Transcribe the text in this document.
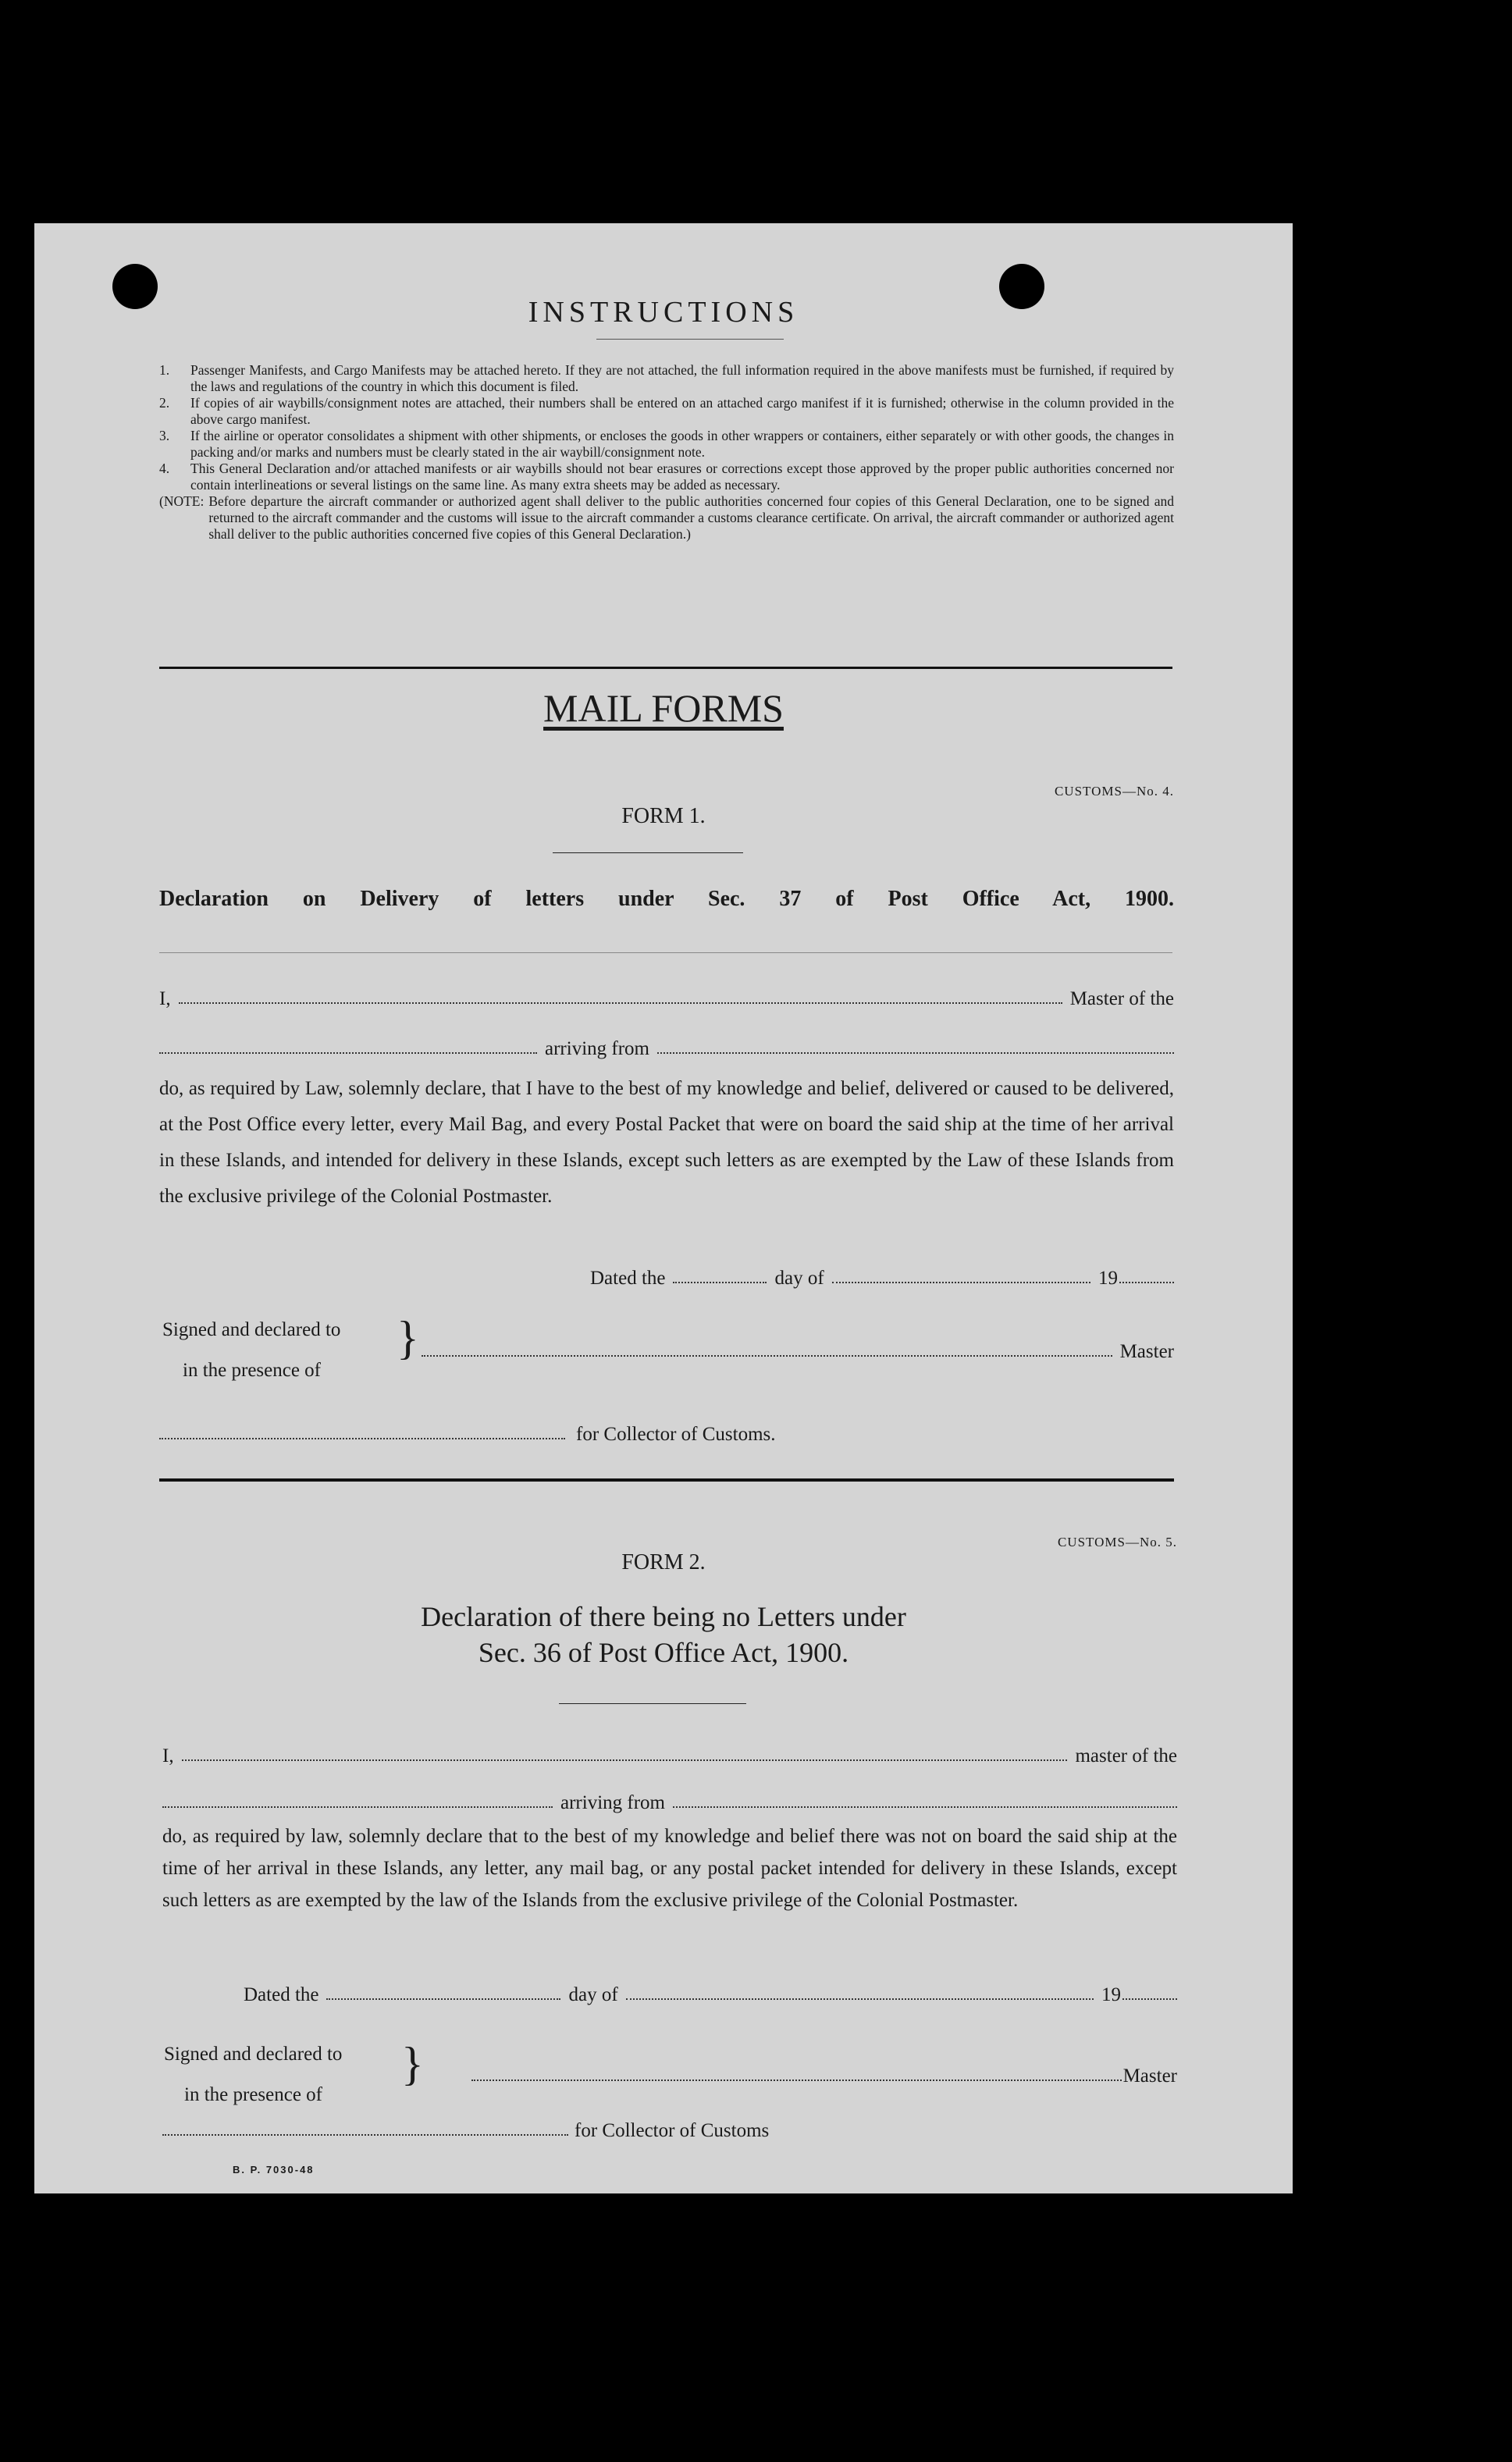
INSTRUCTIONS
1.	Passenger Manifests, and Cargo Manifests may be attached hereto. If they are not attached, the full information required in the above manifests must be furnished, if required by the laws and regulations of the country in which this document is filed.
2.	If copies of air waybills/consignment notes are attached, their numbers shall be entered on an attached cargo manifest if it is furnished; otherwise in the column provided in the above cargo manifest.
3.	If the airline or operator consolidates a shipment with other shipments, or encloses the goods in other wrappers or containers, either separately or with other goods, the changes in packing and/or marks and numbers must be clearly stated in the air waybill/consignment note.
4.	This General Declaration and/or attached manifests or air waybills should not bear erasures or corrections except those approved by the proper public authorities concerned nor contain interlineations or several listings on the same line. As many extra sheets may be added as necessary.
(NOTE: Before departure the aircraft commander or authorized agent shall deliver to the public authorities concerned four copies of this General Declaration, one to be signed and returned to the aircraft commander and the customs will issue to the aircraft commander a customs clearance certificate. On arrival, the aircraft commander or authorized agent shall deliver to the public authorities concerned five copies of this General Declaration.)
MAIL FORMS
CUSTOMS—No. 4.
FORM 1.
Declaration on Delivery of letters under Sec. 37 of Post Office Act, 1900.
I,	Master of the
arriving from
do, as required by Law, solemnly declare, that I have to the best of my knowledge and belief, delivered or caused to be delivered, at the Post Office every letter, every Mail Bag, and every Postal Packet that were on board the said ship at the time of her arrival in these Islands, and intended for delivery in these Islands, except such letters as are exempted by the Law of these Islands from the exclusive privilege of the Colonial Postmaster.
Dated the	day of	19
Signed and declared to
in the presence of
}	Master
for Collector of Customs.
CUSTOMS—No. 5.
FORM 2.
Declaration of there being no Letters under
Sec. 36 of Post Office Act, 1900.
I,	master of the
arriving from
do, as required by law, solemnly declare that to the best of my knowledge and belief there was not on board the said ship at the time of her arrival in these Islands, any letter, any mail bag, or any postal packet intended for delivery in these Islands, except such letters as are exempted by the law of the Islands from the exclusive privilege of the Colonial Postmaster.
Dated the	day of	19
Signed and declared to
in the presence of
}	Master
for Collector of Customs
B. P. 7030-48
